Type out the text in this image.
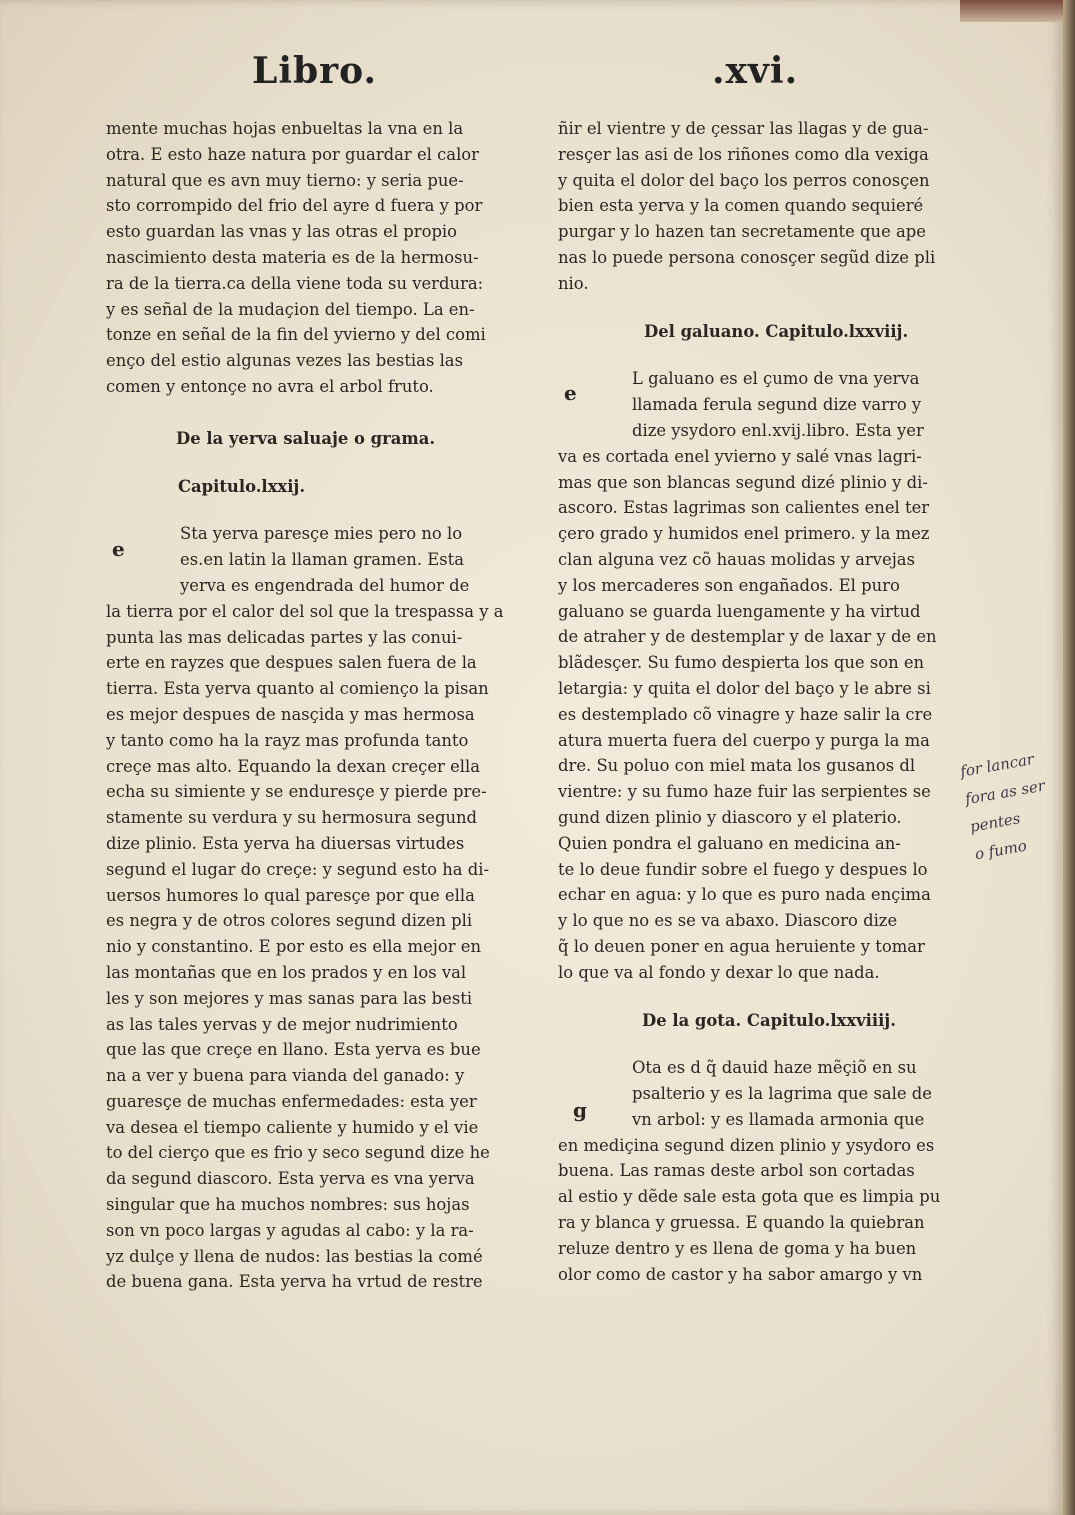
Libro.	.xvi.
mente muchas hojas enbueltas la vna en la
otra. E esto haze natura por guardar el calor
natural que es avn muy tierno: y seria pue-
sto corrompido del frio del ayre d fuera y por
esto guardan las vnas y las otras el propio
nascimiento desta materia es de la hermosu-
ra de la tierra.ca della viene toda su verdura:
y es señal de la mudaçion del tiempo. La en-
tonze en señal de la fin del yvierno y del comi
enço del estio algunas vezes las bestias las
comen y entonçe no avra el arbol fruto.
De la yerva saluaje o grama.
Capitulo.lxxij.
Sta yerva paresçe mies pero no lo
es.en latin la llaman gramen. Esta
yerva es engendrada del humor de
la tierra por el calor del sol que la trespassa y a
punta las mas delicadas partes y las conui-
erte en rayzes que despues salen fuera de la
tierra. Esta yerva quanto al comienço la pisan
es mejor despues de nasçida y mas hermosa
y tanto como ha la rayz mas profunda tanto
creçe mas alto. Equando la dexan creçer ella
echa su simiente y se enduresçe y pierde pre-
stamente su verdura y su hermosura segund
dize plinio. Esta yerva ha diuersas virtudes
segund el lugar do creçe: y segund esto ha di-
uersos humores lo qual paresçe por que ella
es negra y de otros colores segund dizen pli
nio y constantino. E por esto es ella mejor en
las montañas que en los prados y en los val
les y son mejores y mas sanas para las besti
as las tales yervas y de mejor nudrimiento
que las que creçe en llano. Esta yerva es bue
na a ver y buena para vianda del ganado: y
guaresçe de muchas enfermedades: esta yer
va desea el tiempo caliente y humido y el vie
to del cierço que es frio y seco segund dize he
da segund diascoro. Esta yerva es vna yerva
singular que ha muchos nombres: sus hojas
son vn poco largas y agudas al cabo: y la ra-
yz dulçe y llena de nudos: las bestias la comé
de buena gana. Esta yerva ha vrtud de restre
e
ñir el vientre y de çessar las llagas y de gua-
resçer las asi de los riñones como dla vexiga
y quita el dolor del baço los perros conosçen
bien esta yerva y la comen quando sequieré
purgar y lo hazen tan secretamente que ape
nas lo puede persona conosçer segũd dize pli
nio.
Del galuano. Capitulo.lxxviij.
L galuano es el çumo de vna yerva
llamada ferula segund dize varro y
dize ysydoro enl.xvij.libro. Esta yer
va es cortada enel yvierno y salé vnas lagri-
mas que son blancas segund dizé plinio y di-
ascoro. Estas lagrimas son calientes enel ter
çero grado y humidos enel primero. y la mez
clan alguna vez cõ hauas molidas y arvejas
y los mercaderes son engañados. El puro
galuano se guarda luengamente y ha virtud
de atraher y de destemplar y de laxar y de en
blãdesçer. Su fumo despierta los que son en
letargia: y quita el dolor del baço y le abre si
es destemplado cõ vinagre y haze salir la cre
atura muerta fuera del cuerpo y purga la ma
dre. Su poluo con miel mata los gusanos dl
vientre: y su fumo haze fuir las serpientes se
gund dizen plinio y diascoro y el platerio.
Quien pondra el galuano en medicina an-
te lo deue fundir sobre el fuego y despues lo
echar en agua: y lo que es puro nada ençima
y lo que no es se va abaxo. Diascoro dize
q̃ lo deuen poner en agua heruiente y tomar
lo que va al fondo y dexar lo que nada.
De la gota. Capitulo.lxxviiij.
Ota es d q̃ dauid haze mẽçiõ en su
psalterio y es la lagrima que sale de
vn arbol: y es llamada armonia que
en mediçina segund dizen plinio y ysydoro es
buena. Las ramas deste arbol son cortadas
al estio y dẽde sale esta gota que es limpia pu
ra y blanca y gruessa. E quando la quiebran
reluze dentro y es llena de goma y ha buen
olor como de castor y ha sabor amargo y vn
e
g
for lancar
fora as ser
pentes
o fumo
